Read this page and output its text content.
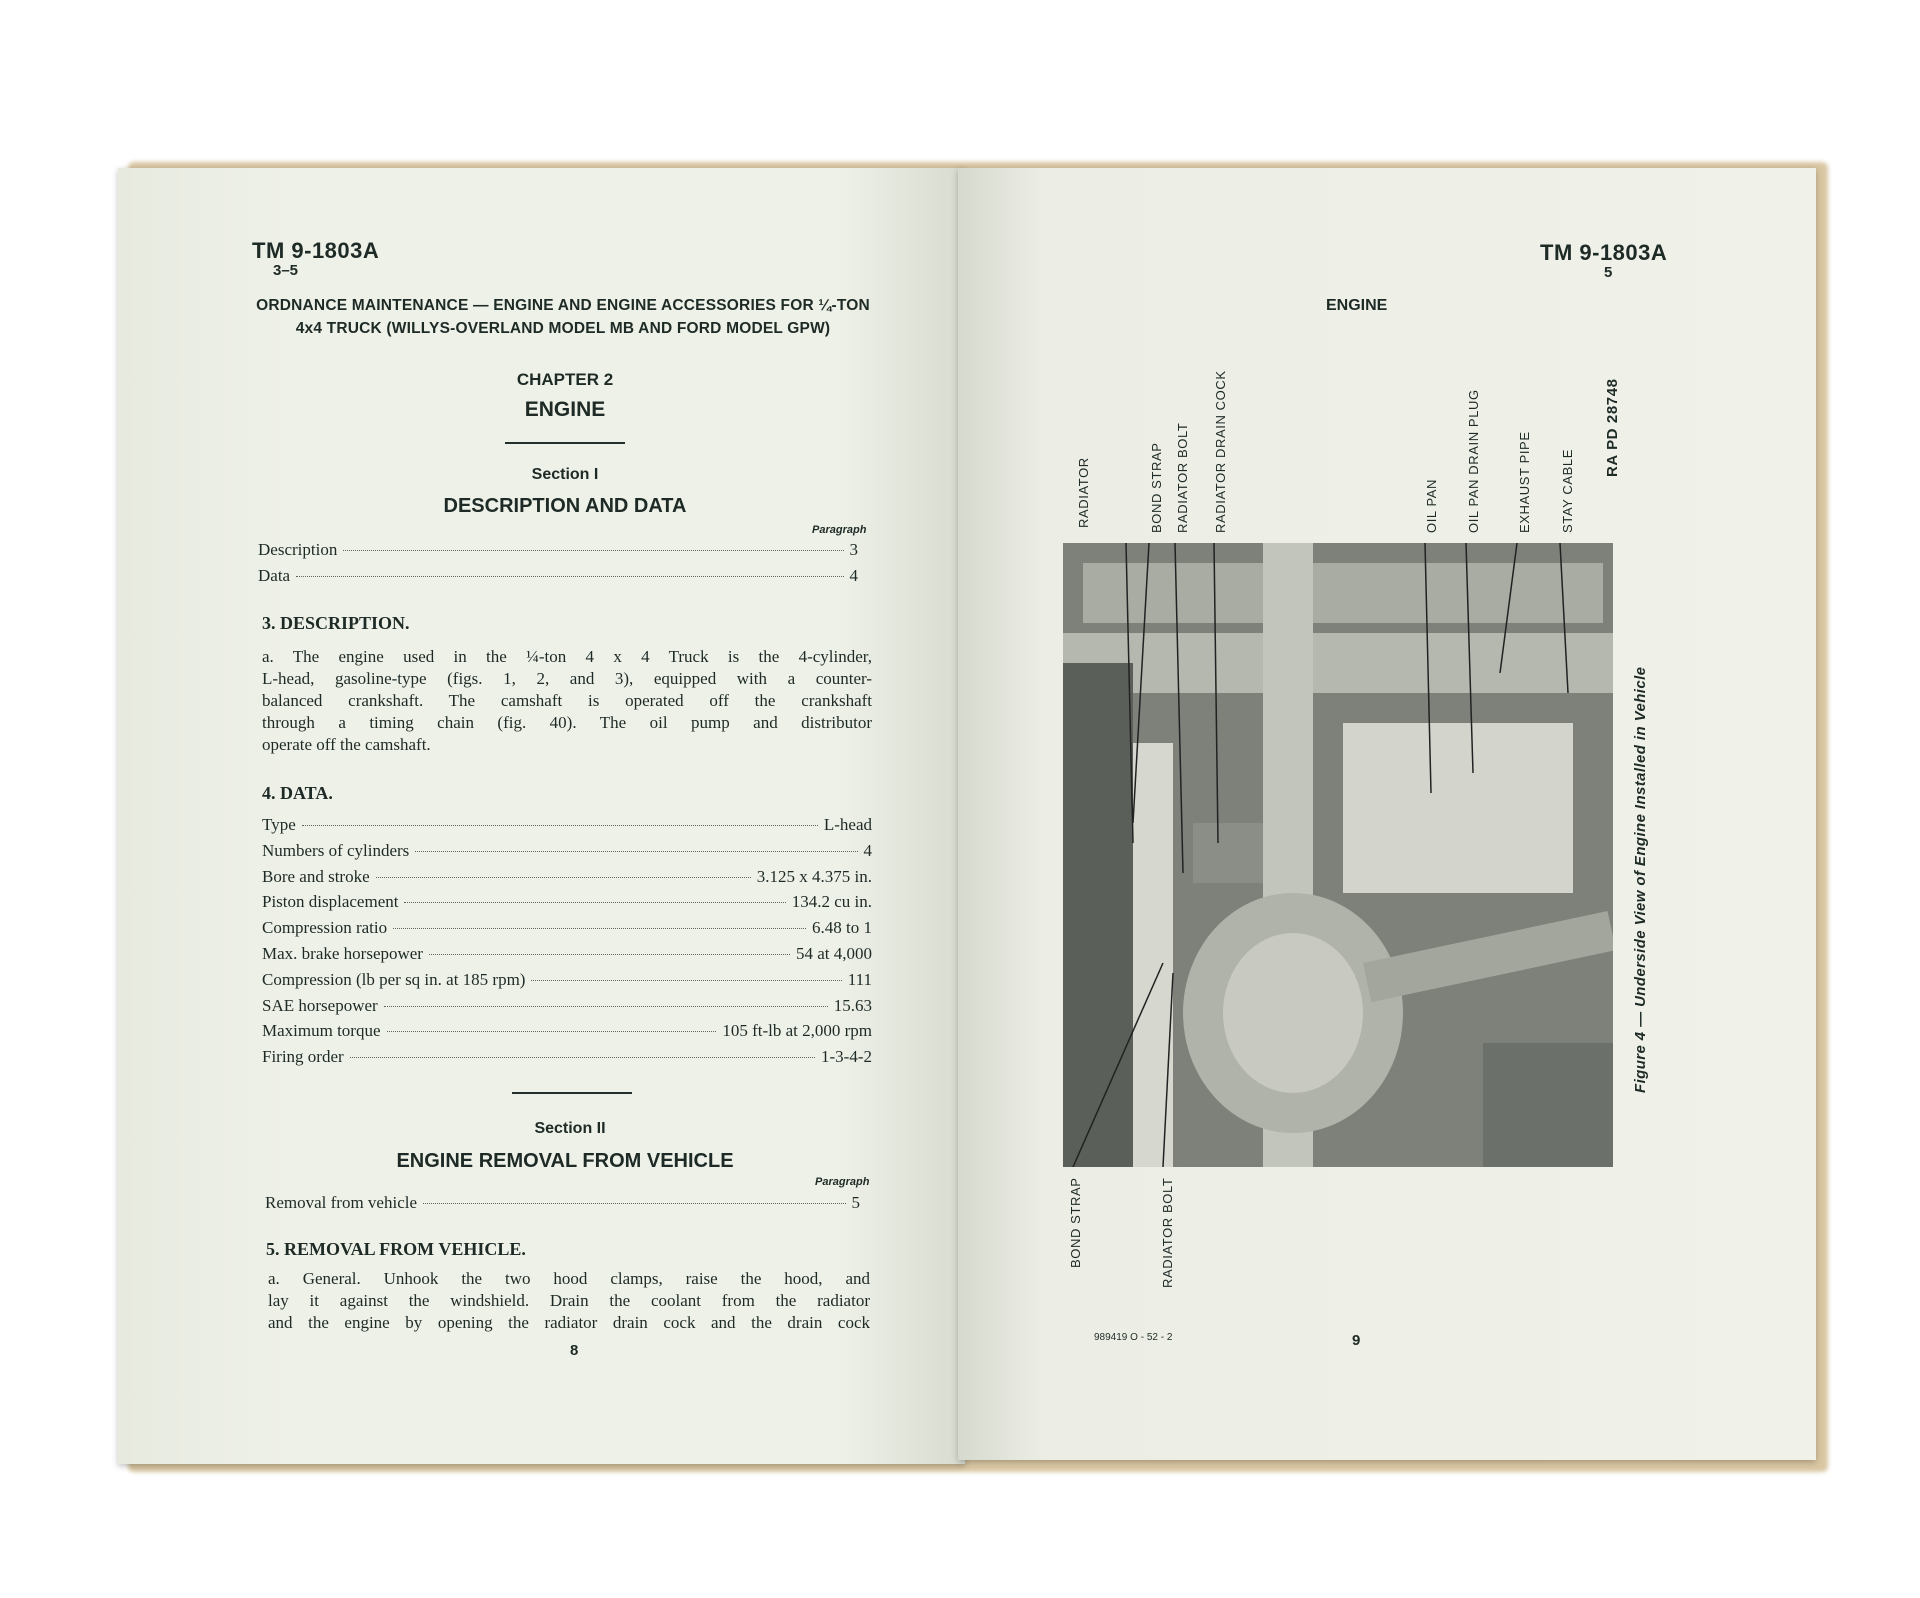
TM 9-1803A
3–5
ORDNANCE MAINTENANCE — ENGINE AND ENGINE ACCESSORIES FOR ¼-TON
4x4 TRUCK (WILLYS-OVERLAND MODEL MB AND FORD MODEL GPW)
CHAPTER 2
ENGINE
Section I
DESCRIPTION AND DATA
Paragraph
Description	3
Data	4
3. DESCRIPTION.
a. The engine used in the ¼-ton 4 x 4 Truck is the 4-cylinder,
L-head, gasoline-type (figs. 1, 2, and 3), equipped with a counter-
balanced crankshaft. The camshaft is operated off the crankshaft
through a timing chain (fig. 40). The oil pump and distributor
operate off the camshaft.
4. DATA.
Type	L-head
Numbers of cylinders	4
Bore and stroke	3.125 x 4.375 in.
Piston displacement	134.2 cu in.
Compression ratio	6.48 to 1
Max. brake horsepower	54 at 4,000
Compression (lb per sq in. at 185 rpm)	111
SAE horsepower	15.63
Maximum torque	105 ft-lb at 2,000 rpm
Firing order	1-3-4-2
Section II
ENGINE REMOVAL FROM VEHICLE
Paragraph
Removal from vehicle	5
5. REMOVAL FROM VEHICLE.
a. General. Unhook the two hood clamps, raise the hood, and
lay it against the windshield. Drain the coolant from the radiator
and the engine by opening the radiator drain cock and the drain cock
8
TM 9-1803A
5
ENGINE
RADIATOR	BOND STRAP RADIATOR BOLT RADIATOR DRAIN COCK	OIL PAN OIL PAN DRAIN PLUG	EXHAUST PIPE STAY CABLE
RA PD 28748
BOND STRAP	RADIATOR BOLT
Figure 4 — Underside View of Engine Installed in Vehicle
989419 O - 52 - 2	9
